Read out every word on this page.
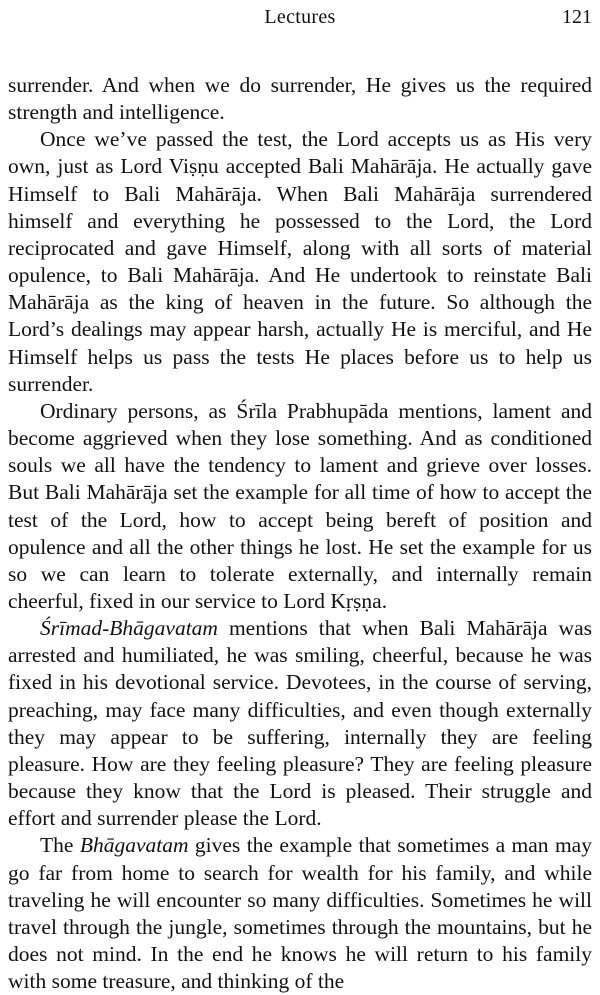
Lectures	121

surrender. And when we do surrender, He gives us the required strength and intelligence.

Once we’ve passed the test, the Lord accepts us as His very own, just as Lord Viṣṇu accepted Bali Mahārāja. He actually gave Himself to Bali Mahārāja. When Bali Mahārāja surrendered himself and everything he possessed to the Lord, the Lord reciprocated and gave Himself, along with all sorts of material opulence, to Bali Mahārāja. And He undertook to reinstate Bali Mahārāja as the king of heaven in the future. So although the Lord’s dealings may appear harsh, actually He is merciful, and He Himself helps us pass the tests He places before us to help us surrender.

Ordinary persons, as Śrīla Prabhupāda mentions, lament and become aggrieved when they lose something. And as conditioned souls we all have the tendency to lament and grieve over losses. But Bali Mahārāja set the example for all time of how to accept the test of the Lord, how to accept being bereft of position and opulence and all the other things he lost. He set the example for us so we can learn to tolerate externally, and internally remain cheerful, fixed in our service to Lord Kṛṣṇa.

Śrīmad-Bhāgavatam mentions that when Bali Mahārāja was arrested and humiliated, he was smiling, cheerful, because he was fixed in his devotional service. Devotees, in the course of serving, preaching, may face many difficulties, and even though externally they may appear to be suffering, internally they are feeling pleasure. How are they feeling pleasure? They are feeling pleasure because they know that the Lord is pleased. Their struggle and effort and surrender please the Lord.

The Bhāgavatam gives the example that sometimes a man may go far from home to search for wealth for his family, and while traveling he will encounter so many difficulties. Sometimes he will travel through the jungle, sometimes through the mountains, but he does not mind. In the end he knows he will return to his family with some treasure, and thinking of the
